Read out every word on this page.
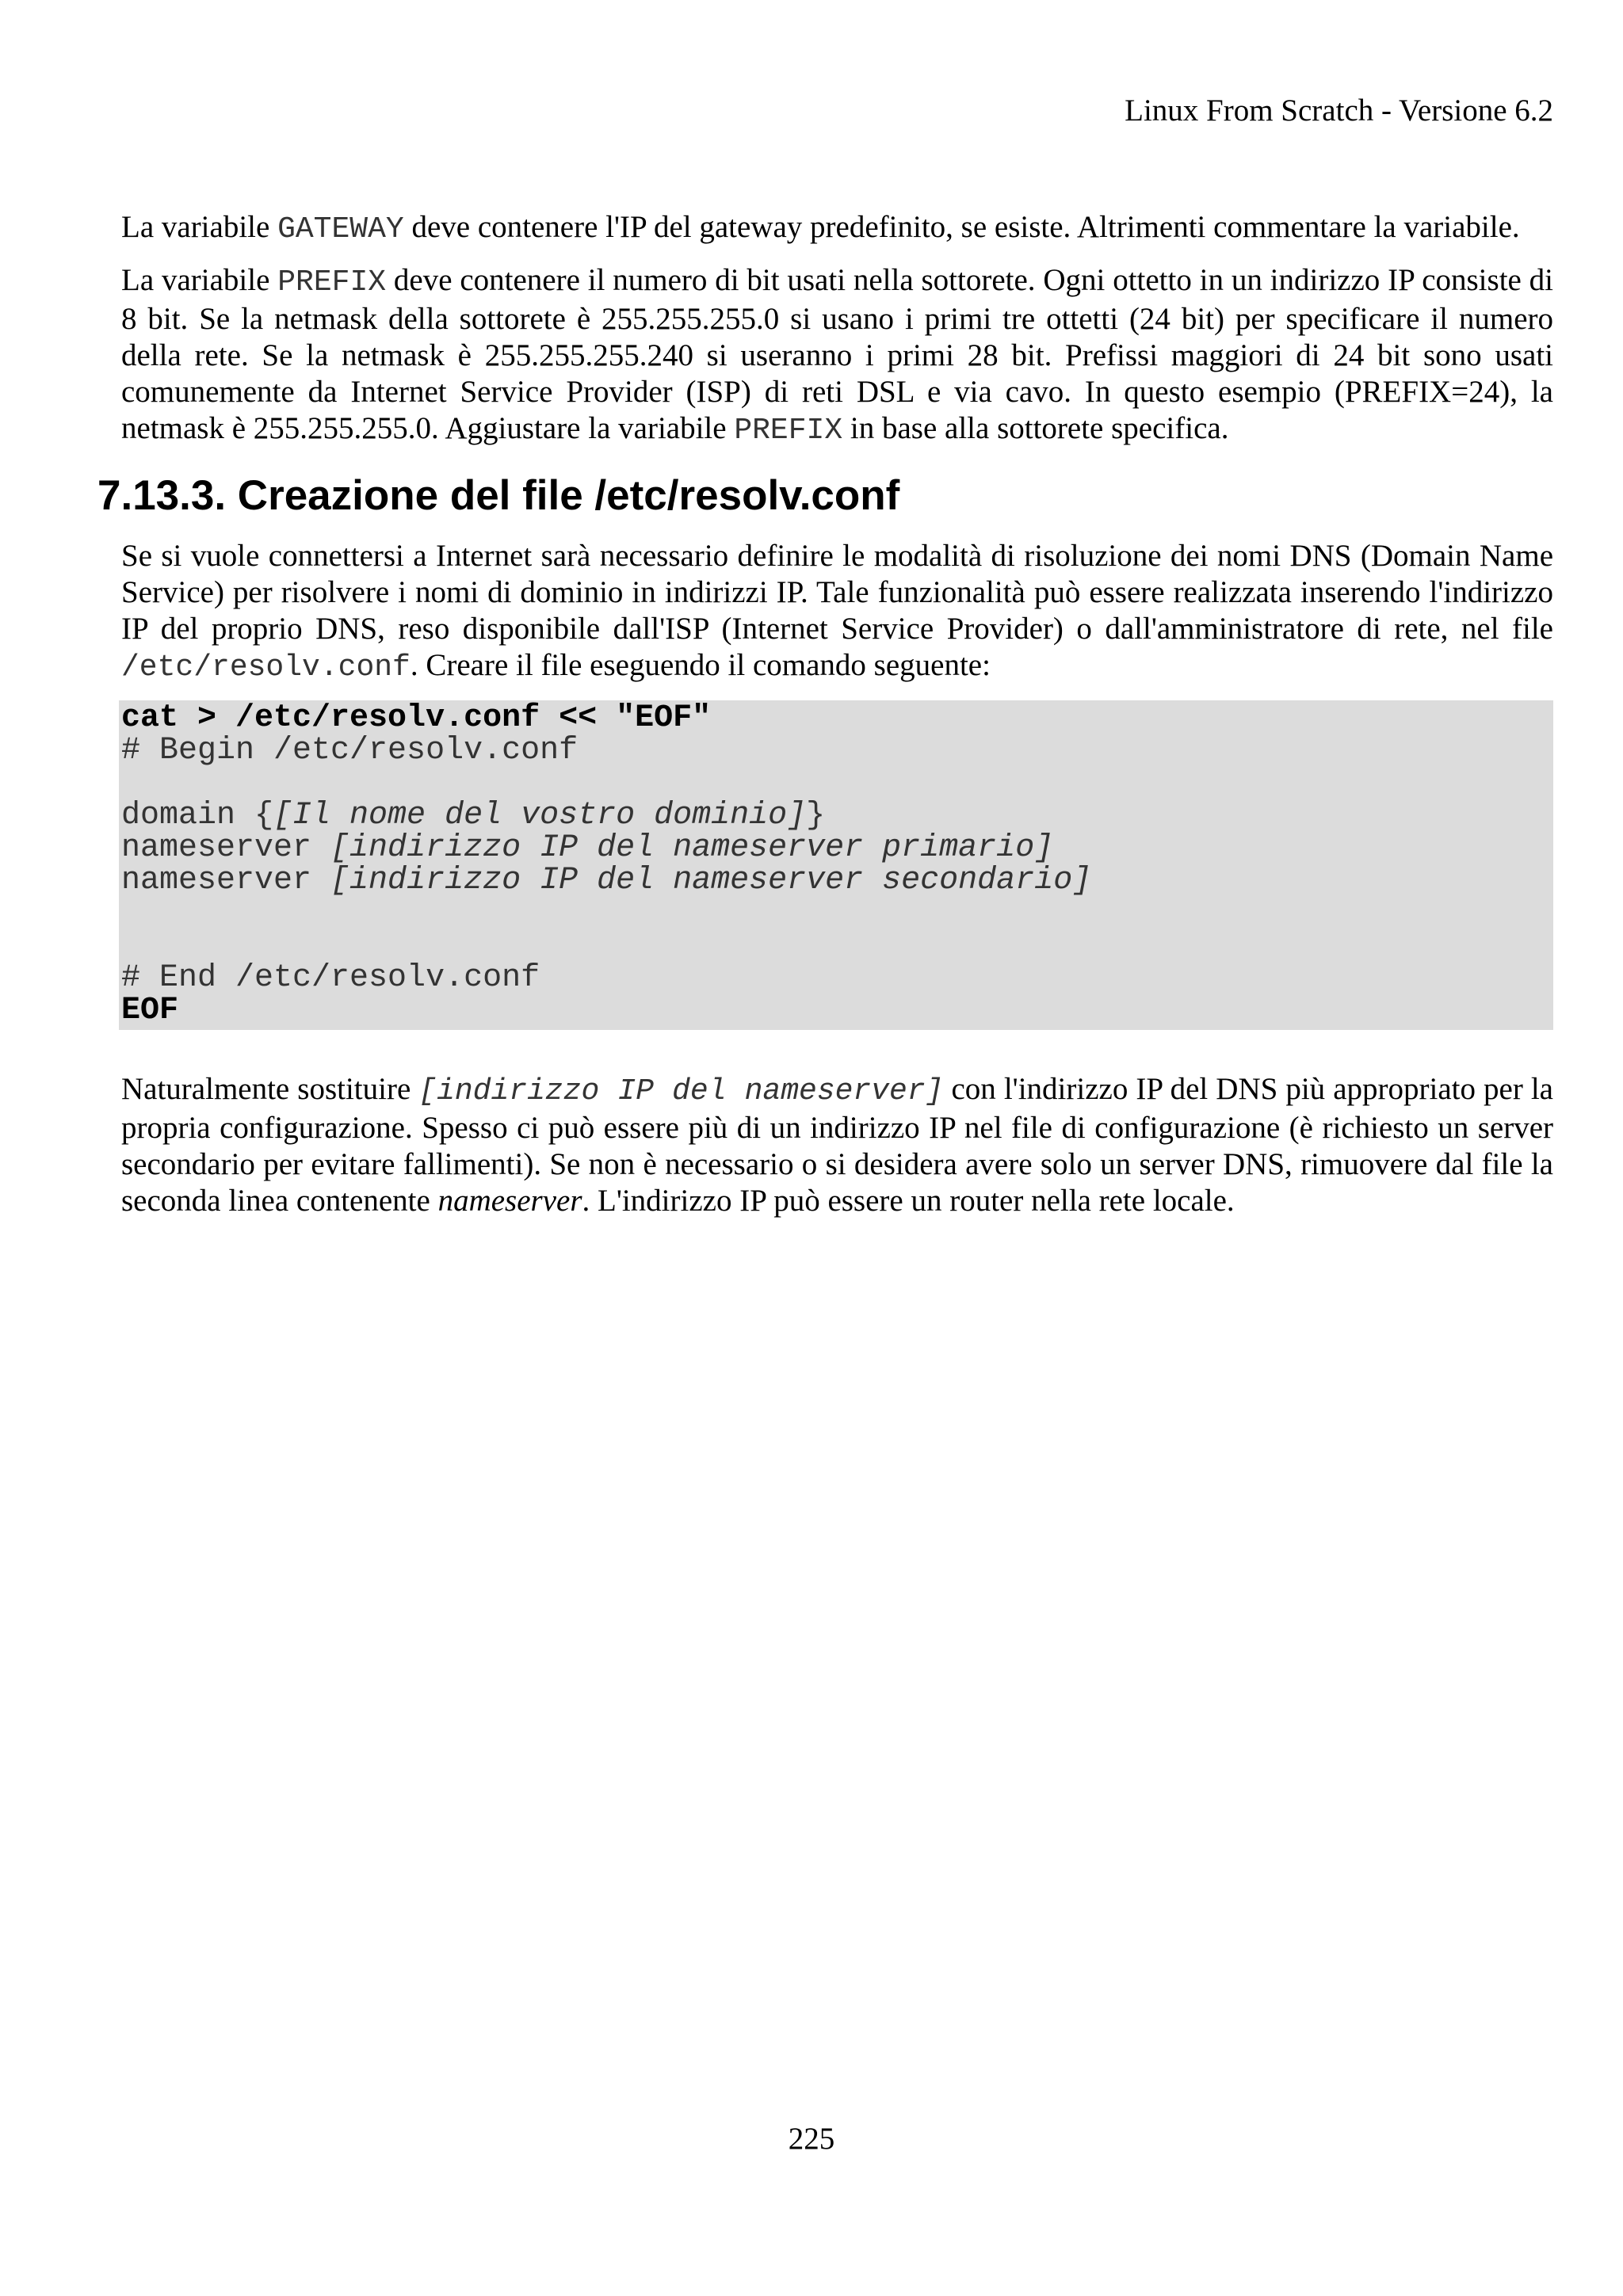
Linux From Scratch - Versione 6.2

La variabile GATEWAY deve contenere l'IP del gateway predefinito, se esiste. Altrimenti commentare la variabile.

La variabile PREFIX deve contenere il numero di bit usati nella sottorete. Ogni ottetto in un indirizzo IP consiste di 8 bit. Se la netmask della sottorete è 255.255.255.0 si usano i primi tre ottetti (24 bit) per specificare il numero della rete. Se la netmask è 255.255.255.240 si useranno i primi 28 bit. Prefissi maggiori di 24 bit sono usati comunemente da Internet Service Provider (ISP) di reti DSL e via cavo. In questo esempio (PREFIX=24), la netmask è 255.255.255.0. Aggiustare la variabile PREFIX in base alla sottorete specifica.

7.13.3. Creazione del file /etc/resolv.conf

Se si vuole connettersi a Internet sarà necessario definire le modalità di risoluzione dei nomi DNS (Domain Name Service) per risolvere i nomi di dominio in indirizzi IP. Tale funzionalità può essere realizzata inserendo l'indirizzo IP del proprio DNS, reso disponibile dall'ISP (Internet Service Provider) o dall'amministratore di rete, nel file /etc/resolv.conf. Creare il file eseguendo il comando seguente:

cat > /etc/resolv.conf << "EOF"
# Begin /etc/resolv.conf
domain {[Il nome del vostro dominio]}
nameserver [indirizzo IP del nameserver primario]
nameserver [indirizzo IP del nameserver secondario]
# End /etc/resolv.conf
EOF

Naturalmente sostituire [indirizzo IP del nameserver] con l'indirizzo IP del DNS più appropriato per la propria configurazione. Spesso ci può essere più di un indirizzo IP nel file di configurazione (è richiesto un server secondario per evitare fallimenti). Se non è necessario o si desidera avere solo un server DNS, rimuovere dal file la seconda linea contenente nameserver. L'indirizzo IP può essere un router nella rete locale.

225
